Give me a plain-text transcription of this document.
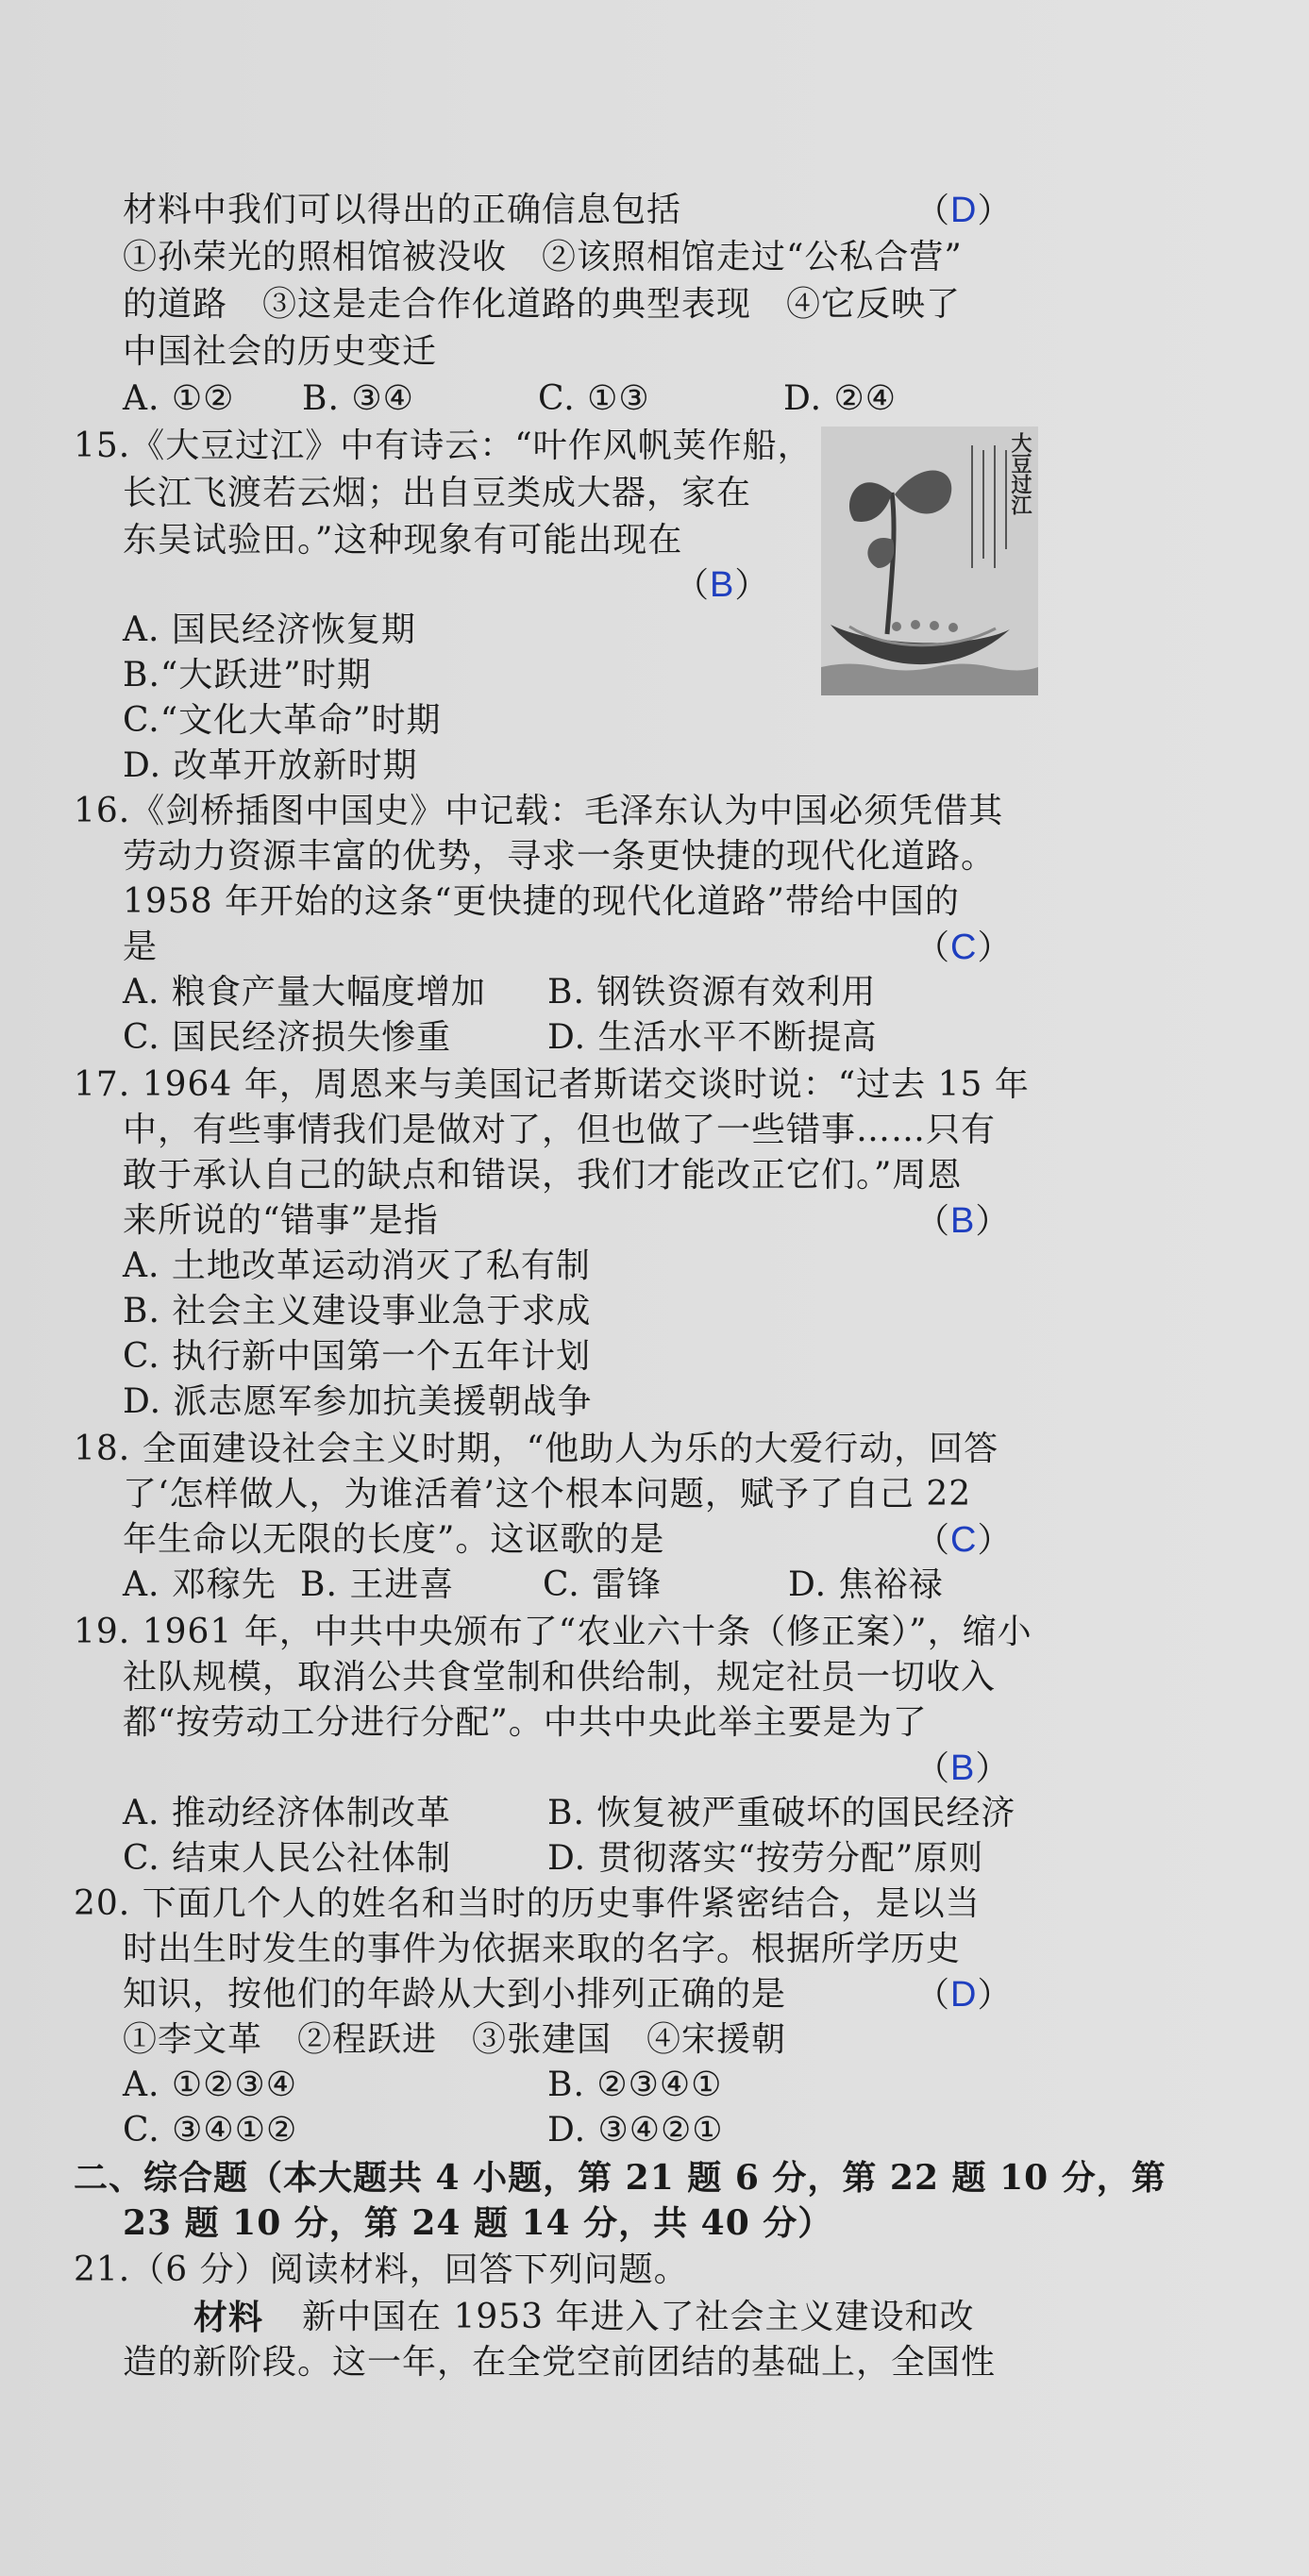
材料中我们可以得出的正确信息包括	（D）
①孙荣光的照相馆被没收　②该照相馆走过“公私合营”
的道路　③这是走合作化道路的典型表现　④它反映了
中国社会的历史变迁
A. ①② B. ③④	C. ①③	D. ②④
15.《大豆过江》中有诗云：“叶作风帆荚作船，
长江飞渡若云烟；出自豆类成大器，家在
东吴试验田。”这种现象有可能出现在
（B）
A. 国民经济恢复期
B.“大跃进”时期
C.“文化大革命”时期
D. 改革开放新时期
大豆过江
16.《剑桥插图中国史》中记载：毛泽东认为中国必须凭借其
劳动力资源丰富的优势，寻求一条更快捷的现代化道路。
1958 年开始的这条“更快捷的现代化道路”带给中国的
是	（C）
A. 粮食产量大幅度增加 B. 钢铁资源有效利用
C. 国民经济损失惨重	D. 生活水平不断提高
17. 1964 年，周恩来与美国记者斯诺交谈时说：“过去 15 年
中，有些事情我们是做对了，但也做了一些错事……只有
敢于承认自己的缺点和错误，我们才能改正它们。”周恩
来所说的“错事”是指	（B）
A. 土地改革运动消灭了私有制
B. 社会主义建设事业急于求成
C. 执行新中国第一个五年计划
D. 派志愿军参加抗美援朝战争
18. 全面建设社会主义时期，“他助人为乐的大爱行动，回答
了‘怎样做人，为谁活着’这个根本问题，赋予了自己 22
年生命以无限的长度”。这讴歌的是	（C）
A. 邓稼先 B. 王进喜	C. 雷锋	D. 焦裕禄
19. 1961 年，中共中央颁布了“农业六十条（修正案）”，缩小
社队规模，取消公共食堂制和供给制，规定社员一切收入
都“按劳动工分进行分配”。中共中央此举主要是为了
（B）
A. 推动经济体制改革	B. 恢复被严重破坏的国民经济
C. 结束人民公社体制	D. 贯彻落实“按劳分配”原则
20. 下面几个人的姓名和当时的历史事件紧密结合，是以当
时出生时发生的事件为依据来取的名字。根据所学历史
知识，按他们的年龄从大到小排列正确的是	（D）
①李文革　②程跃进　③张建国　④宋援朝
A. ①②③④	B. ②③④①
C. ③④①②	D. ③④②①
二、综合题（本大题共 4 小题，第 21 题 6 分，第 22 题 10 分，第
23 题 10 分，第 24 题 14 分，共 40 分）
21.（6 分）阅读材料，回答下列问题。
材料 新中国在 1953 年进入了社会主义建设和改
造的新阶段。这一年，在全党空前团结的基础上，全国性
